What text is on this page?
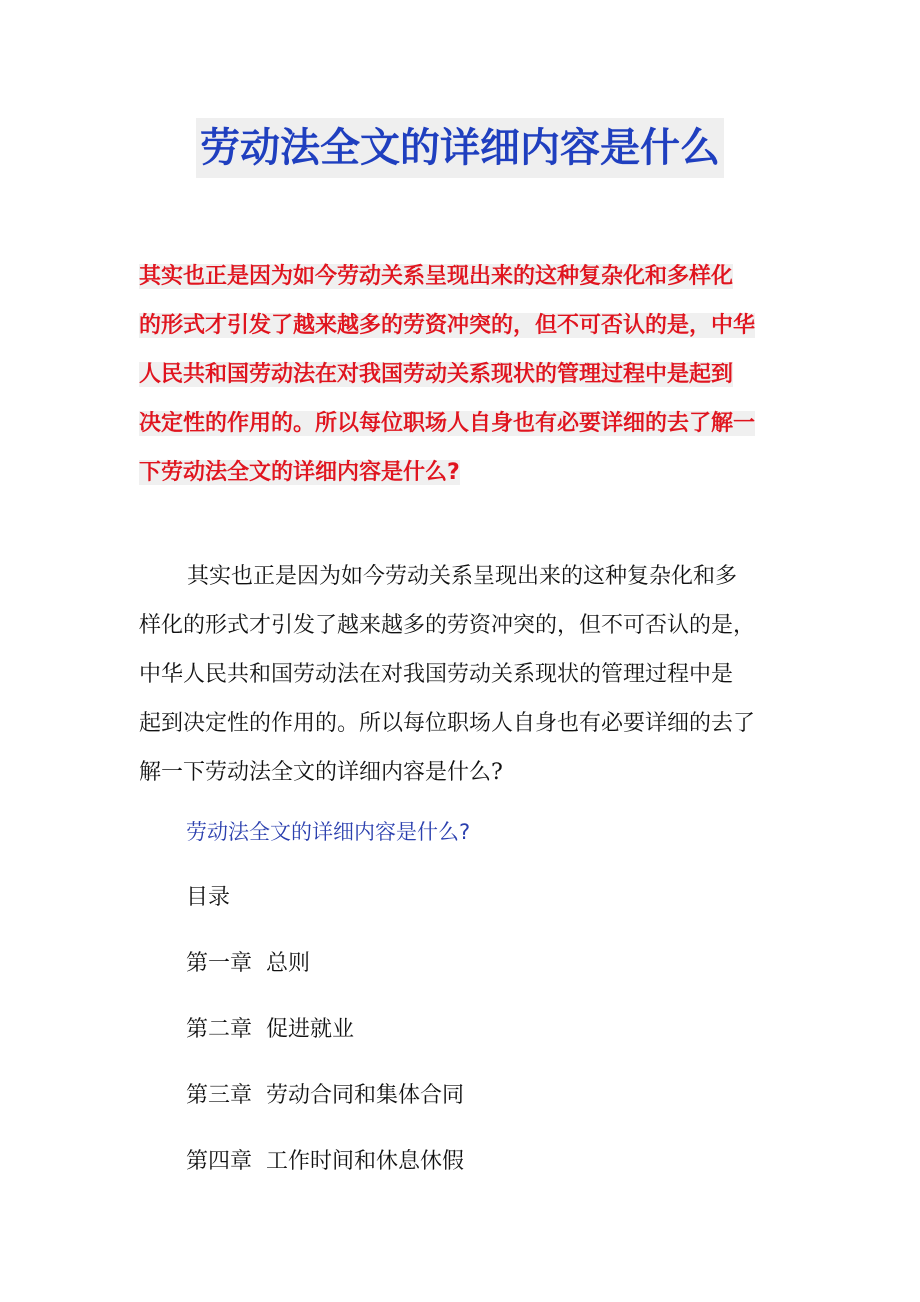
劳动法全文的详细内容是什么
其实也正是因为如今劳动关系呈现出来的这种复杂化和多样化
的形式才引发了越来越多的劳资冲突的，但不可否认的是，中华
人民共和国劳动法在对我国劳动关系现状的管理过程中是起到
决定性的作用的。所以每位职场人自身也有必要详细的去了解一
下劳动法全文的详细内容是什么?
其实也正是因为如今劳动关系呈现出来的这种复杂化和多
样化的形式才引发了越来越多的劳资冲突的，但不可否认的是，
中华人民共和国劳动法在对我国劳动关系现状的管理过程中是
起到决定性的作用的。所以每位职场人自身也有必要详细的去了
解一下劳动法全文的详细内容是什么?
劳动法全文的详细内容是什么?
目录
第一章 总则
第二章 促进就业
第三章 劳动合同和集体合同
第四章 工作时间和休息休假
